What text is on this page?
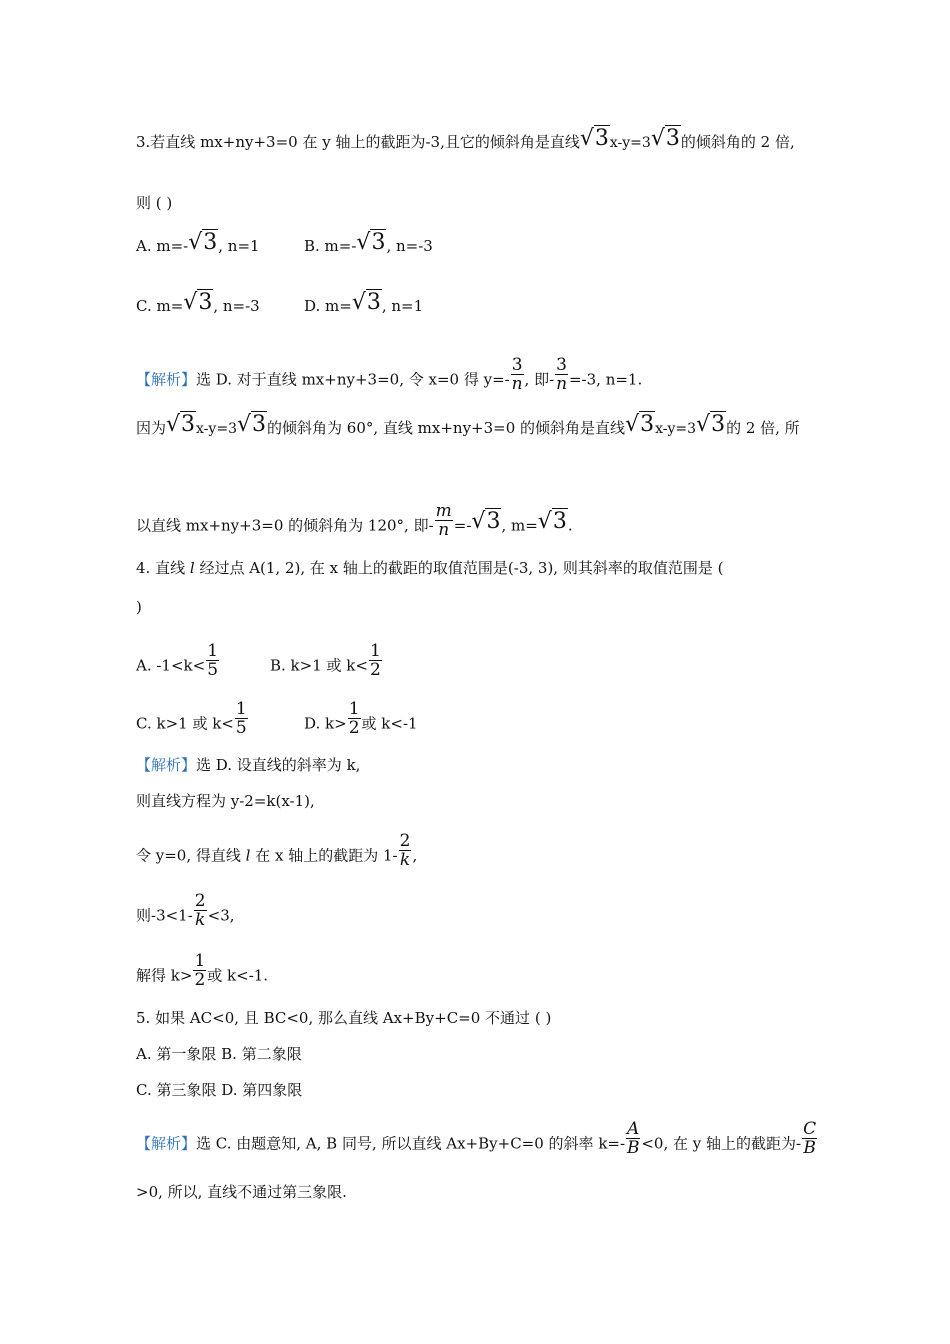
3.若直线 mx+ny+3=0 在 y 轴上的截距为-3,且它的倾斜角是直线√3x-y=3√3的倾斜角的 2 倍,
则 ( )
A. m=-√3, n=1	B. m=-√3, n=-3
C. m=√3, n=-3	D. m=√3, n=1
【解析】选 D. 对于直线 mx+ny+3=0, 令 x=0 得 $y=- \frac{3}{n}$ , 即- $\frac{3}{n} =-3$, n=1.
因为√3x-y=3√3的倾斜角为 60°, 直线 mx+ny+3=0 的倾斜角是直线√3x-y=3√3的 2 倍, 所
以直线 mx+ny+3=0 的倾斜角为 120°, 即- $\frac{m}{n} =-√3$, m=√3.
4. 直线 l 经过点 A(1, 2), 在 x 轴上的截距的取值范围是(-3, 3), 则其斜率的取值范围是 (
)
A. $-1<k< \frac{1}{5}$	B. k>1 或 $k< \frac{1}{2}$
C. k>1 或 $k< \frac{1}{5}$	D. $k> \frac{1}{2}$ 或 k<-1
【解析】选 D. 设直线的斜率为 k,
则直线方程为 y-2=k(x-1),
令 y=0, 得直线 l 在 x 轴上的截距为 $1- \frac{2}{k}$ ,
则$-3<1- \frac{2}{k} <3$,
解得 $k> \frac{1}{2}$ 或 k<-1.
5. 如果 AC<0, 且 BC<0, 那么直线 Ax+By+C=0 不通过 ( )
A. 第一象限 B. 第二象限
C. 第三象限 D. 第四象限
【解析】选 C. 由题意知, A, B 同号, 所以直线 Ax+By+C=0 的斜率 $k=- \frac{A}{B} <0$, 在 y 轴上的截距为- $\frac{C}{B}$
>0, 所以, 直线不通过第三象限.
